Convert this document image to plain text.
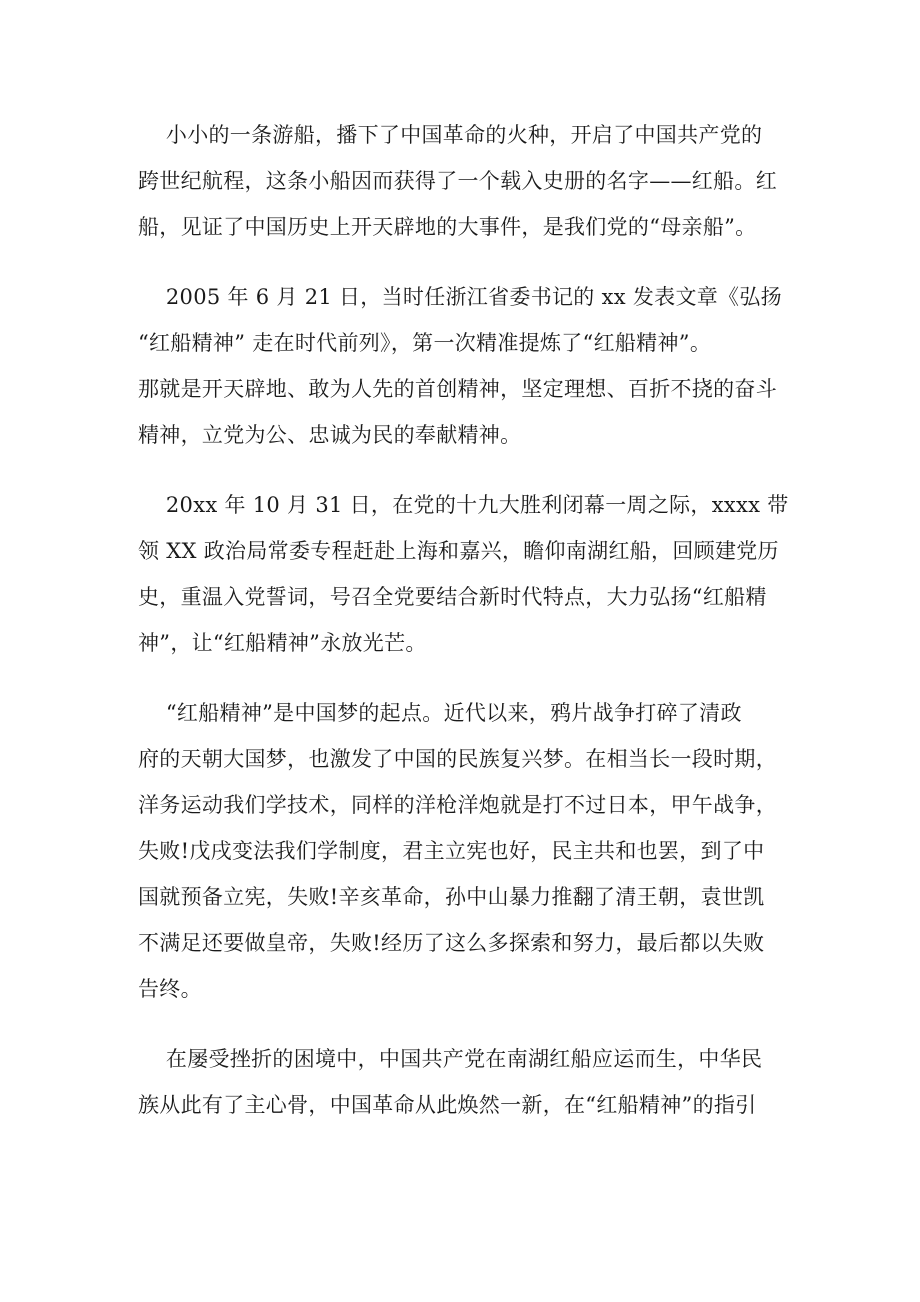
小小的一条游船，播下了中国革命的火种，开启了中国共产党的
跨世纪航程，这条小船因而获得了一个载入史册的名字——红船。红
船，见证了中国历史上开天辟地的大事件，是我们党的“母亲船”。
2005 年 6 月 21 日，当时任浙江省委书记的 xx 发表文章《弘扬
“红船精神” 走在时代前列》，第一次精准提炼了“红船精神”。
那就是开天辟地、敢为人先的首创精神，坚定理想、百折不挠的奋斗
精神，立党为公、忠诚为民的奉献精神。
20xx 年 10 月 31 日，在党的十九大胜利闭幕一周之际，xxxx 带
领 XX 政治局常委专程赶赴上海和嘉兴，瞻仰南湖红船，回顾建党历
史，重温入党誓词，号召全党要结合新时代特点，大力弘扬“红船精
神”，让“红船精神”永放光芒。
“红船精神”是中国梦的起点。近代以来，鸦片战争打碎了清政
府的天朝大国梦，也激发了中国的民族复兴梦。在相当长一段时期，
洋务运动我们学技术，同样的洋枪洋炮就是打不过日本，甲午战争，
失败!戊戌变法我们学制度，君主立宪也好，民主共和也罢，到了中
国就预备立宪，失败!辛亥革命，孙中山暴力推翻了清王朝，袁世凯
不满足还要做皇帝，失败!经历了这么多探索和努力，最后都以失败
告终。
在屡受挫折的困境中，中国共产党在南湖红船应运而生，中华民
族从此有了主心骨，中国革命从此焕然一新，在“红船精神”的指引
